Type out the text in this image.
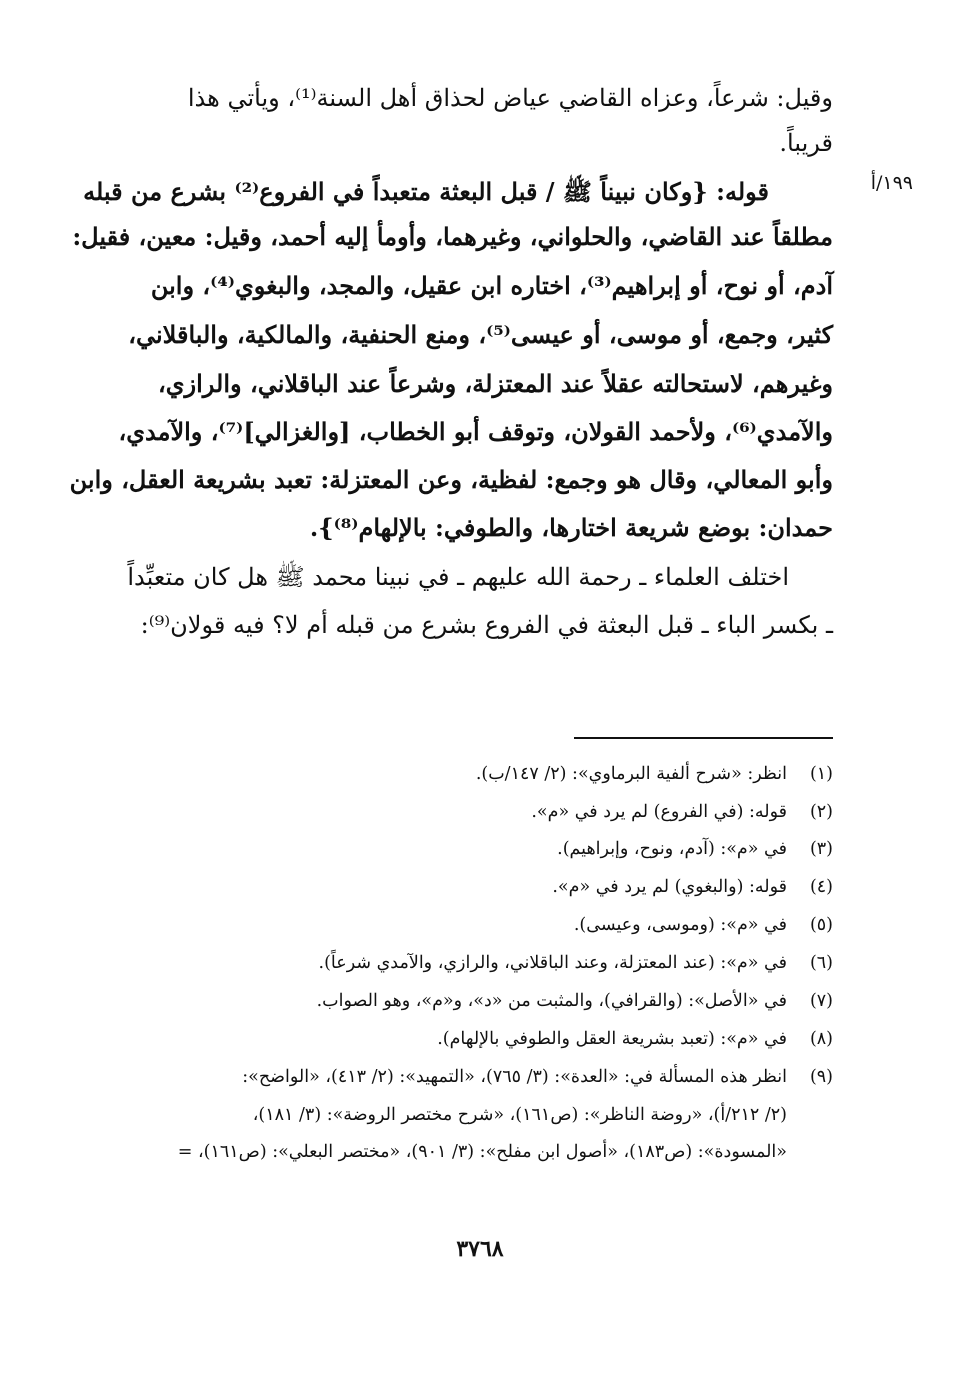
١٩٩/أ
وقيل: شرعاً، وعزاه القاضي عياض لحذاق أهل السنة⁽¹⁾، ويأتي هذا
قريباً.
قوله: {وكان نبيناً ﷺ / قبل البعثة متعبداً في الفروع⁽²⁾ بشرع من قبله
مطلقاً عند القاضي، والحلواني، وغيرهما، وأومأ إليه أحمد، وقيل: معين، فقيل:
آدم، أو نوح، أو إبراهيم⁽³⁾، اختاره ابن عقيل، والمجد، والبغوي⁽⁴⁾، وابن
كثير، وجمع، أو موسى، أو عيسى⁽⁵⁾، ومنع الحنفية، والمالكية، والباقلاني،
وغيرهم، لاستحالته عقلاً عند المعتزلة، وشرعاً عند الباقلاني، والرازي،
والآمدي⁽⁶⁾، ولأحمد القولان، وتوقف أبو الخطاب، [والغزالي]⁽⁷⁾، والآمدي،
وأبو المعالي، وقال هو وجمع: لفظية، وعن المعتزلة: تعبد بشريعة العقل، وابن
حمدان: بوضع شريعة اختارها، والطوفي: بالإلهام⁽⁸⁾}.
اختلف العلماء ـ رحمة الله عليهم ـ في نبينا محمد ﷺ هل كان متعبِّداً
ـ بكسر الباء ـ قبل البعثة في الفروع بشرع من قبله أم لا؟ فيه قولان⁽⁹⁾:
(١)انظر: «شرح ألفية البرماوي»: (٢/ ١٤٧/ب).
(٢)قوله: (في الفروع) لم يرد في «م».
(٣)في «م»: (آدم، ونوح، وإبراهيم).
(٤)قوله: (والبغوي) لم يرد في «م».
(٥)في «م»: (وموسى، وعيسى).
(٦)في «م»: (عند المعتزلة، وعند الباقلاني، والرازي، والآمدي شرعاً).
(٧)في «الأصل»: (والقرافي)، والمثبت من «د»، و«م»، وهو الصواب.
(٨)في «م»: (تعبد بشريعة العقل والطوفي بالإلهام).
(٩)انظر هذه المسألة في: «العدة»: (٣/ ٧٦٥)، «التمهيد»: (٢/ ٤١٣)، «الواضح»:
(٢/ ٢١٢/أ)، «روضة الناظر»: (ص١٦١)، «شرح مختصر الروضة»: (٣/ ١٨١)،
«المسودة»: (ص١٨٣)، «أصول ابن مفلح»: (٣/ ٩٠١)، «مختصر البعلي»: (ص١٦١)، =
٣٧٦٨
